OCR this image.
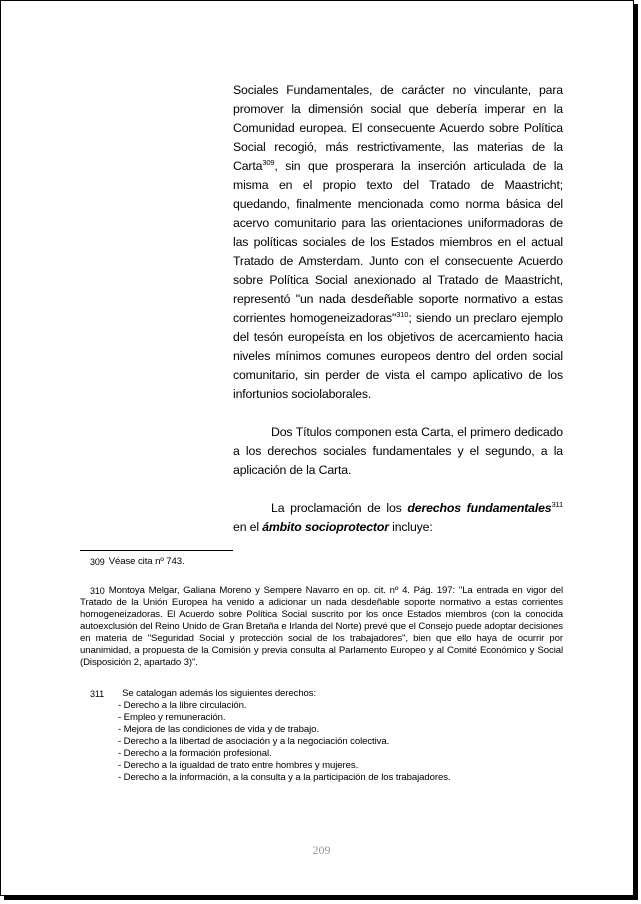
Sociales Fundamentales, de carácter no vinculante, para promover la dimensión social que debería imperar en la Comunidad europea. El consecuente Acuerdo sobre Política Social recogió, más restrictivamente, las materias de la Carta$^{309}$, sin que prosperara la inserción articulada de la misma en el propio texto del Tratado de Maastricht; quedando, finalmente mencionada como norma básica del acervo comunitario para las orientaciones uniformadoras de las políticas sociales de los Estados miembros en el actual Tratado de Amsterdam. Junto con el consecuente Acuerdo sobre Política Social anexionado al Tratado de Maastricht, representó "un nada desdeñable soporte normativo a estas corrientes homogeneizadoras"$^{310}$; siendo un preclaro ejemplo del tesón europeísta en los objetivos de acercamiento hacia niveles mínimos comunes europeos dentro del orden social comunitario, sin perder de vista el campo aplicativo de los infortunios sociolaborales.

Dos Títulos componen esta Carta, el primero dedicado a los derechos sociales fundamentales y el segundo, a la aplicación de la Carta.

La proclamación de los derechos fundamentales$^{311}$ en el ámbito socioprotector incluye:

309 Véase cita nº 743.
310 Montoya Melgar, Galiana Moreno y Sempere Navarro en op. cit. nº 4. Pág. 197: "La entrada en vigor del Tratado de la Unión Europea ha venido a adicionar un nada desdeñable soporte normativo a estas corrientes homogeneizadoras. El Acuerdo sobre Política Social suscrito por los once Estados miembros (con la conocida autoexclusión del Reino Unido de Gran Bretaña e Irlanda del Norte) prevé que el Consejo puede adoptar decisiones en materia de "Seguridad Social y protección social de los trabajadores", bien que ello haya de ocurrir por unanimidad, a propuesta de la Comisión y previa consulta al Parlamento Europeo y al Comité Económico y Social (Disposición 2, apartado 3)".
311 Se catalogan además los siguientes derechos:
- Derecho a la libre circulación.
- Empleo y remuneración.
- Mejora de las condiciones de vida y de trabajo.
- Derecho a la libertad de asociación y a la negociación colectiva.
- Derecho a la formación profesional.
- Derecho a la igualdad de trato entre hombres y mujeres.
- Derecho a la información, a la consulta y a la participación de los trabajadores.
209
